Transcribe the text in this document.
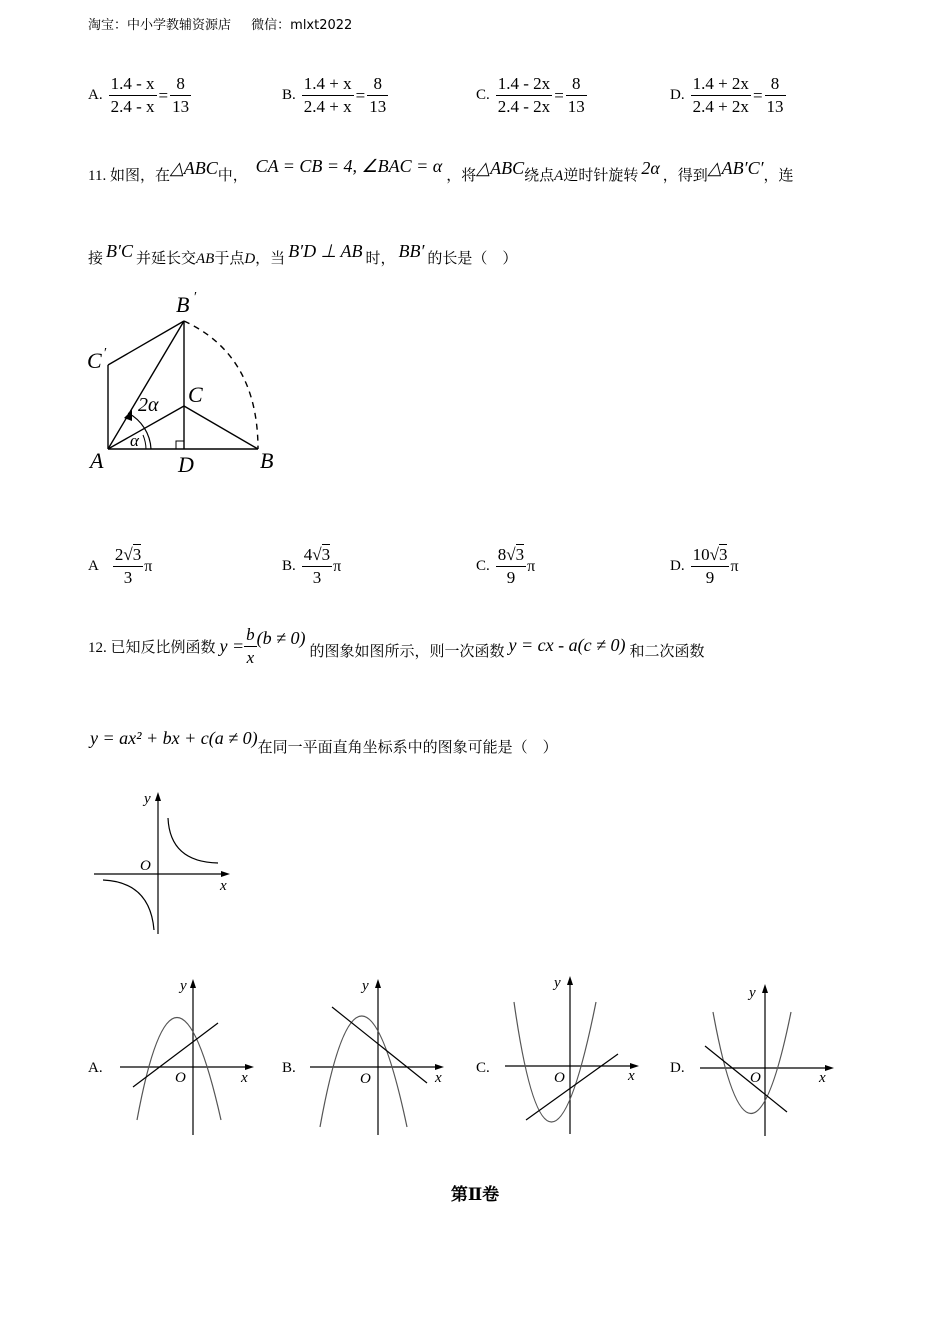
淘宝：中小学教辅资源店 微信：mlxt2022
A. $\frac{1.4 - x}{2.4 - x} = \frac{8}{13}$	B. $\frac{1.4 + x}{2.4 + x} = \frac{8}{13}$	C. $\frac{1.4 - 2x}{2.4 - 2x} = \frac{8}{13}$	D. $\frac{1.4 + 2x}{2.4 + 2x} = \frac{8}{13}$
11. 如图，在△ABC中， CA = CB = 4, ∠BAC = α ，将△ABC绕点A逆时针旋转 2α ，得到△AB′C′，连
接 B′C 并延长交AB于点D，当 B′D ⊥ AB 时， BB′ 的长是（　）
B ′
C ′
C
2α
α
A	D	B
A $\frac{2√3}{3}$ π	B. $\frac{4√3}{3}$ π	C. $\frac{8√3}{9}$ π	D. $\frac{10√3}{9}$ π
12. 已知反比例函数 $y = \frac{b}{x} (b \ne 0)$
的图象如图所示，则一次函数 y = cx - a(c ≠ 0) 和二次函数
y = ax² + bx + c(a ≠ 0)在同一平面直角坐标系中的图象可能是（　）
y
x
O
A.
y
x
O
B.
y
x
O
C.
y
x
O
D.
y
x
O
第Ⅱ卷
